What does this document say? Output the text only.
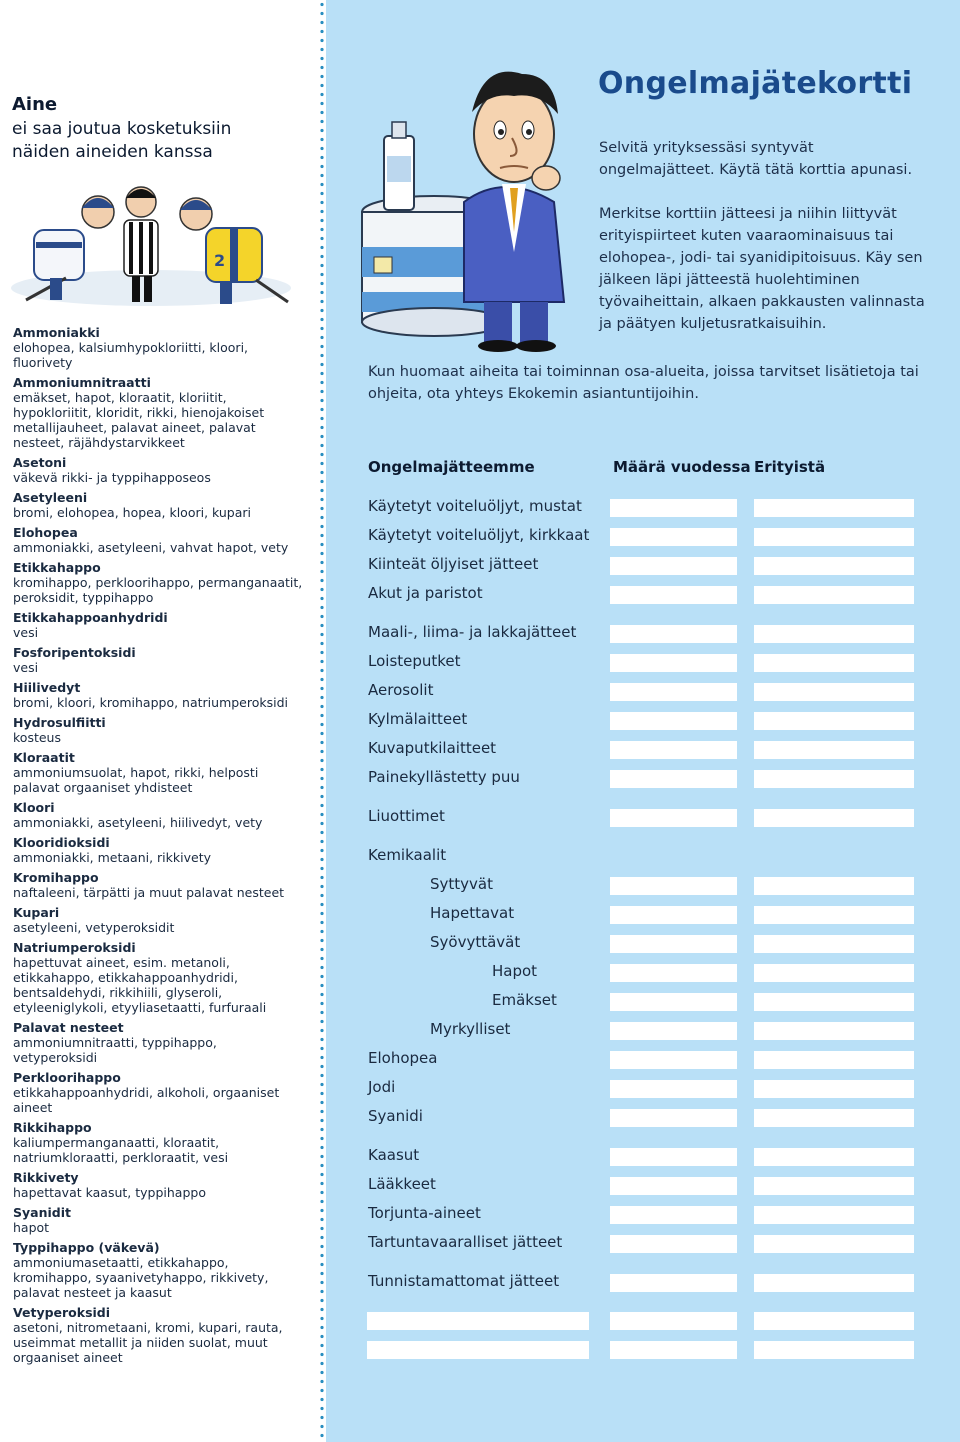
Aine
ei saa joutua kosketuksiin näiden aineiden kanssa
2
Ammoniakki
elohopea, kalsiumhypokloriitti, kloori, fluorivety
Ammoniumnitraatti
emäkset, hapot, kloraatit, kloriitit, hypokloriitit, kloridit, rikki, hienojakoiset metallijauheet, palavat aineet, palavat nesteet, räjähdystarvikkeet
Asetoni
väkevä rikki- ja typpihapposeos
Asetyleeni
bromi, elohopea, hopea, kloori, kupari
Elohopea
ammoniakki, asetyleeni, vahvat hapot, vety
Etikkahappo
kromihappo, perkloorihappo, permanganaatit, peroksidit, typpihappo
Etikkahappoanhydridi
vesi
Fosforipentoksidi
vesi
Hiilivedyt
bromi, kloori, kromihappo, natriumperoksidi
Hydrosulfiitti
kosteus
Kloraatit
ammoniumsuolat, hapot, rikki, helposti palavat orgaaniset yhdisteet
Kloori
ammoniakki, asetyleeni, hiilivedyt, vety
Klooridioksidi
ammoniakki, metaani, rikkivety
Kromihappo
naftaleeni, tärpätti ja muut palavat nesteet
Kupari
asetyleeni, vetyperoksidit
Natriumperoksidi
hapettuvat aineet, esim. metanoli, etikkahappo, etikkahappoanhydridi, bentsaldehydi, rikkihiili, glyseroli, etyleeniglykoli, etyyliasetaatti, furfuraali
Palavat nesteet
ammoniumnitraatti, typpihappo, vetyperoksidi
Perkloorihappo
etikkahappoanhydridi, alkoholi, orgaaniset aineet
Rikkihappo
kaliumpermanganaatti, kloraatit, natriumkloraatti, perkloraatit, vesi
Rikkivety
hapettavat kaasut, typpihappo
Syanidit
hapot
Typpihappo (väkevä)
ammoniumasetaatti, etikkahappo, kromihappo, syaanivetyhappo, rikkivety, palavat nesteet ja kaasut
Vetyperoksidi
asetoni, nitrometaani, kromi, kupari, rauta, useimmat metallit ja niiden suolat, muut orgaaniset aineet
Ongelmajätekortti
Selvitä yrityksessäsi syntyvät ongelmajätteet. Käytä tätä korttia apunasi.
Merkitse korttiin jätteesi ja niihin liittyvät erityispiirteet kuten vaaraominaisuus tai elohopea-, jodi- tai syanidipitoisuus. Käy sen jälkeen läpi jätteestä huolehtiminen työvaiheittain, alkaen pakkausten valinnasta ja päätyen kuljetusratkaisuihin.
Kun huomaat aiheita tai toiminnan osa-alueita, joissa tarvitset lisätietoja tai ohjeita, ota yhteys Ekokemin asiantuntijoihin.
Ongelmajätteemme	Määrä vuodessa Erityistä
Käytetyt voiteluöljyt, mustat
Käytetyt voiteluöljyt, kirkkaat
Kiinteät öljyiset jätteet
Akut ja paristot
Maali-, liima- ja lakkajätteet
Loisteputket
Aerosolit
Kylmälaitteet
Kuvaputkilaitteet
Painekyllästetty puu
Liuottimet
Kemikaalit
Syttyvät
Hapettavat
Syövyttävät
Hapot
Emäkset
Myrkylliset
Elohopea
Jodi
Syanidi
Kaasut
Lääkkeet
Torjunta-aineet
Tartuntavaaralliset jätteet
Tunnistamattomat jätteet
